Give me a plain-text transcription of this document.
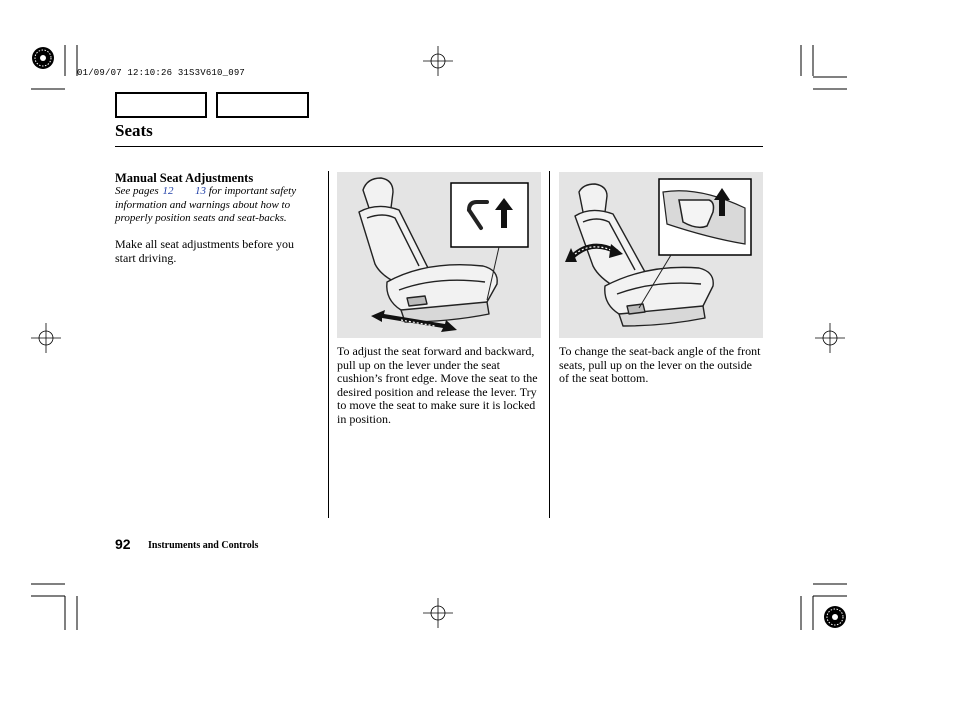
01/09/07 12:10:26 31S3V610_097
Seats
Manual Seat Adjustments
See pages 12 13 for important safety information and warnings about how to properly position seats and seat-backs.
Make all seat adjustments before you start driving.
To adjust the seat forward and backward, pull up on the lever under the seat cushion’s front edge. Move the seat to the desired position and release the lever. Try to move the seat to make sure it is locked in position.
To change the seat-back angle of the front seats, pull up on the lever on the outside of the seat bottom.
92 Instruments and Controls
